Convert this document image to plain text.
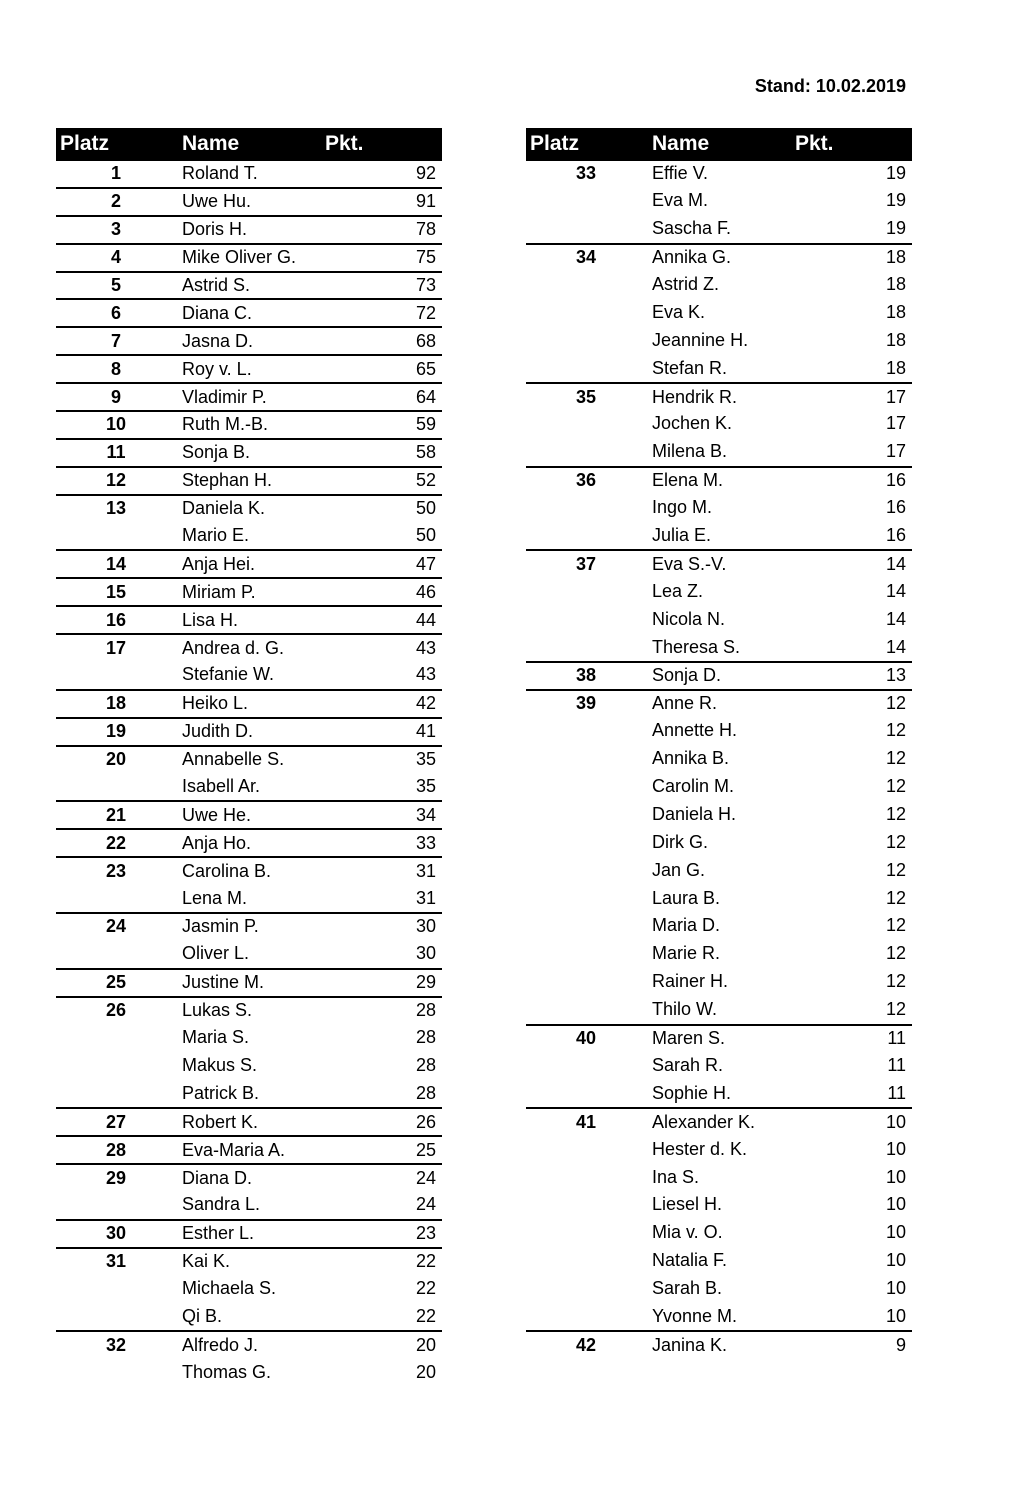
Stand: 10.02.2019
Platz	Name	Pkt.
1	Roland T.	92
2	Uwe Hu.	91
3	Doris H.	78
4	Mike Oliver G.	75
5	Astrid S.	73
6	Diana C.	72
7	Jasna D.	68
8	Roy v. L.	65
9	Vladimir P.	64
10	Ruth M.-B.	59
11	Sonja B.	58
12	Stephan H.	52
13	Daniela K.	50
Mario E.	50
14	Anja Hei.	47
15	Miriam P.	46
16	Lisa H.	44
17	Andrea d. G.	43
Stefanie W.	43
18	Heiko L.	42
19	Judith D.	41
20	Annabelle S.	35
Isabell Ar.	35
21	Uwe He.	34
22	Anja Ho.	33
23	Carolina B.	31
Lena M.	31
24	Jasmin P.	30
Oliver L.	30
25	Justine M.	29
26	Lukas S.	28
Maria S.	28
Makus S.	28
Patrick B.	28
27	Robert K.	26
28	Eva-Maria A.	25
29	Diana D.	24
Sandra L.	24
30	Esther L.	23
31	Kai K.	22
Michaela S.	22
Qi B.	22
32	Alfredo J.	20
Thomas G.	20
Platz	Name	Pkt.
33	Effie V.	19
Eva M.	19
Sascha F.	19
34	Annika G.	18
Astrid Z.	18
Eva K.	18
Jeannine H.	18
Stefan R.	18
35	Hendrik R.	17
Jochen K.	17
Milena B.	17
36	Elena M.	16
Ingo M.	16
Julia E.	16
37	Eva S.-V.	14
Lea Z.	14
Nicola N.	14
Theresa S.	14
38	Sonja D.	13
39	Anne R.	12
Annette H.	12
Annika B.	12
Carolin M.	12
Daniela H.	12
Dirk G.	12
Jan G.	12
Laura B.	12
Maria D.	12
Marie R.	12
Rainer H.	12
Thilo W.	12
40	Maren S.	11
Sarah R.	11
Sophie H.	11
41	Alexander K.	10
Hester d. K.	10
Ina S.	10
Liesel H.	10
Mia v. O.	10
Natalia F.	10
Sarah B.	10
Yvonne M.	10
42	Janina K.	9
